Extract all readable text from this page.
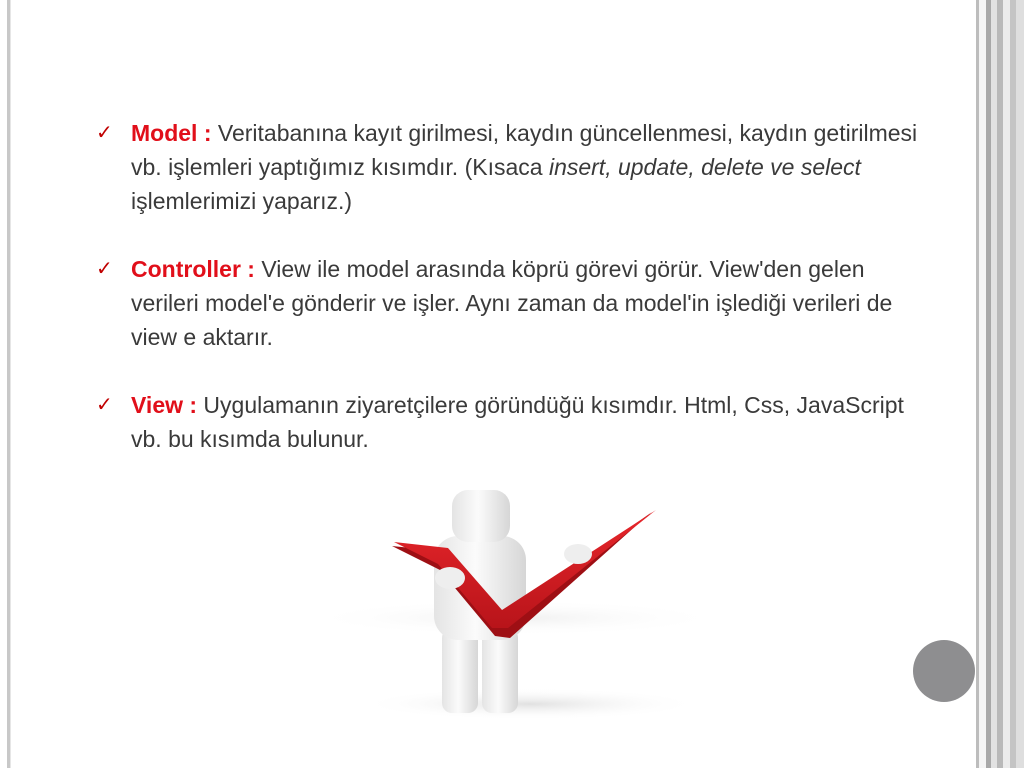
✓ Model : Veritabanına kayıt girilmesi, kaydın güncellenmesi, kaydın getirilmesi vb. işlemleri yaptığımız kısımdır. (Kısaca insert, update, delete ve select işlemlerimizi yaparız.)
✓ Controller : View ile model arasında köprü görevi görür. View'den gelen verileri model'e gönderir ve işler. Aynı zaman da model'in işlediği verileri de view e aktarır.
✓ View : Uygulamanın ziyaretçilere göründüğü kısımdır. Html, Css, JavaScript vb. bu kısımda bulunur.
